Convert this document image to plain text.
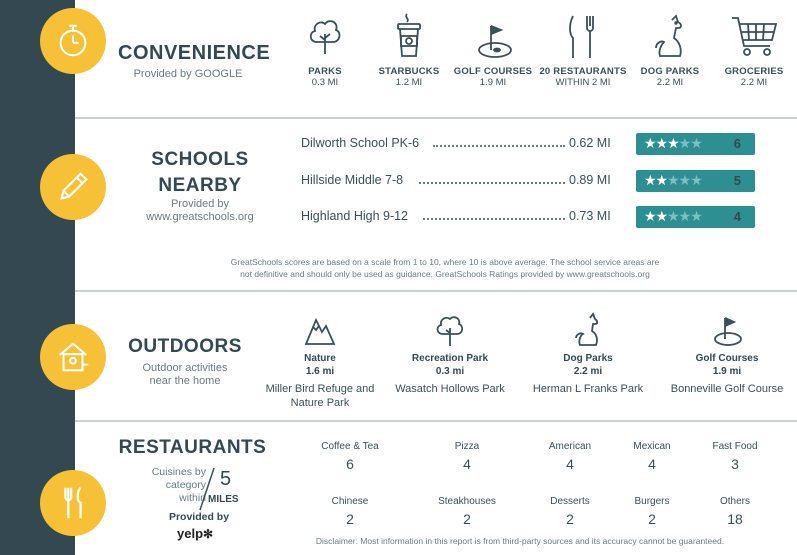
CONVENIENCE
Provided by GOOGLE	PARKS
0.3 MI
STARBUCKS
1.2 MI
GOLF COURSES
1.9 MI
20 RESTAURANTS
WITHIN 2 MI
DOG PARKS
2.2 MI
GROCERIES
2.2 MI
SCHOOLS
NEARBY
Provided by
www.greatschools.org
Dilworth School PK-6	0.62 MI ★★★★★ 6
Hillside Middle 7-8	0.89 MI ★★★★★ 5
Highland High 9-12	0.73 MI ★★★★★ 4
GreatSchools scores are based on a scale from 1 to 10, where 10 is above average. The school service areas are
not definitive and should only be used as guidance. GreatSchools Ratings provided by www.greatschools.org
OUTDOORS
Outdoor activities
near the home
Nature
1.6 mi
Miller Bird Refuge and Nature Park
Recreation Park
0.3 mi
Wasatch Hollows Park
Dog Parks
2.2 mi
Herman L Franks Park
Golf Courses
1.9 mi
Bonneville Golf Course
RESTAURANTS
Cuisines by
category
within
5
MILES
Provided by
yelp✻
Coffee & Tea
6
Pizza
4
American
4
Mexican
4
Fast Food
3
Chinese
2
Steakhouses
2
Desserts
2
Burgers
2
Others
18
Disclaimer: Most information in this report is from third-party sources and its accuracy cannot be guaranteed.
